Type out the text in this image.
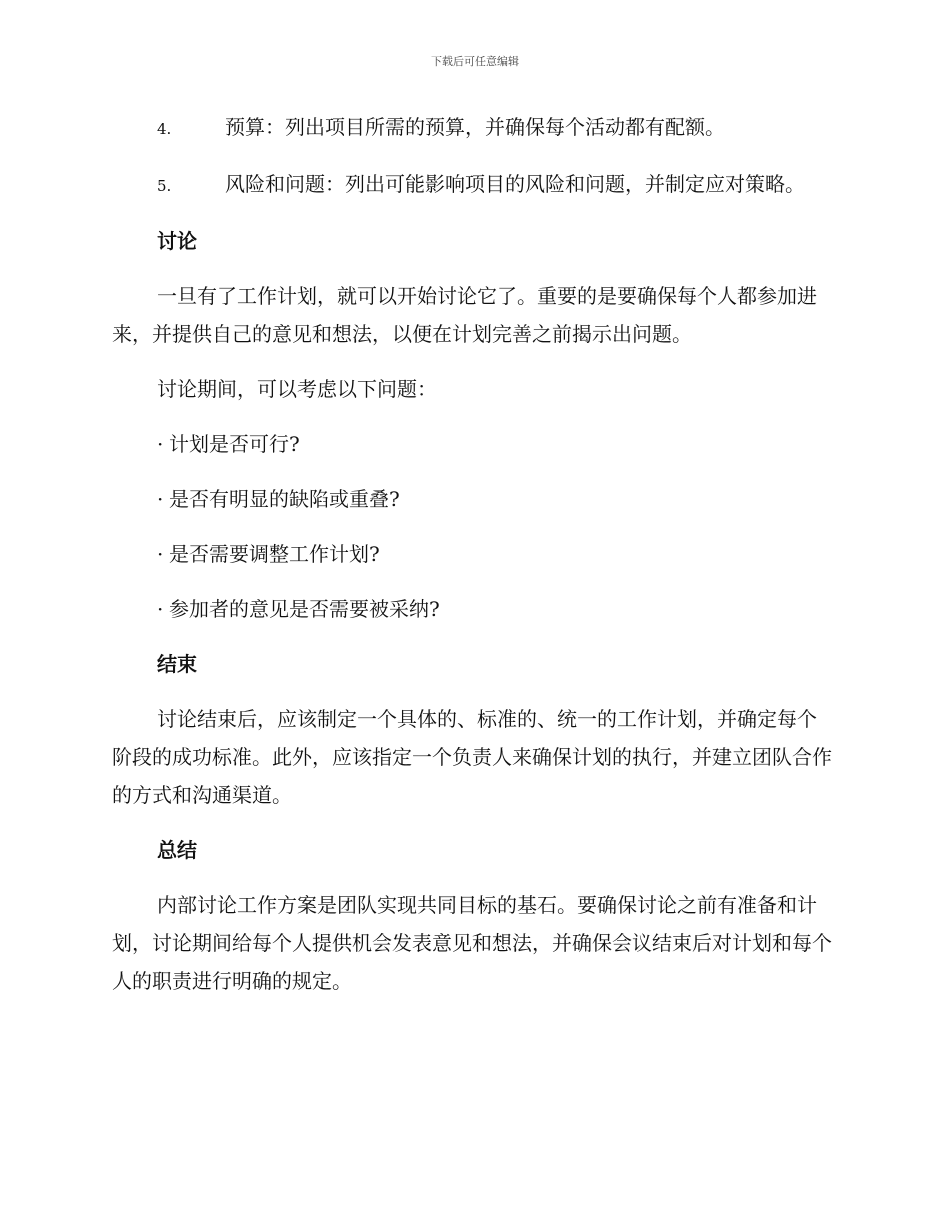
下载后可任意编辑

4.	预算：列出项目所需的预算，并确保每个活动都有配额。

5.	风险和问题：列出可能影响项目的风险和问题，并制定应对策略。

讨论

一旦有了工作计划，就可以开始讨论它了。重要的是要确保每个人都参加进来，并提供自己的意见和想法，以便在计划完善之前揭示出问题。

讨论期间，可以考虑以下问题：

· 计划是否可行?

· 是否有明显的缺陷或重叠?

· 是否需要调整工作计划?

· 参加者的意见是否需要被采纳?

结束

讨论结束后，应该制定一个具体的、标准的、统一的工作计划，并确定每个阶段的成功标准。此外，应该指定一个负责人来确保计划的执行，并建立团队合作的方式和沟通渠道。

总结

内部讨论工作方案是团队实现共同目标的基石。要确保讨论之前有准备和计划，讨论期间给每个人提供机会发表意见和想法，并确保会议结束后对计划和每个人的职责进行明确的规定。
